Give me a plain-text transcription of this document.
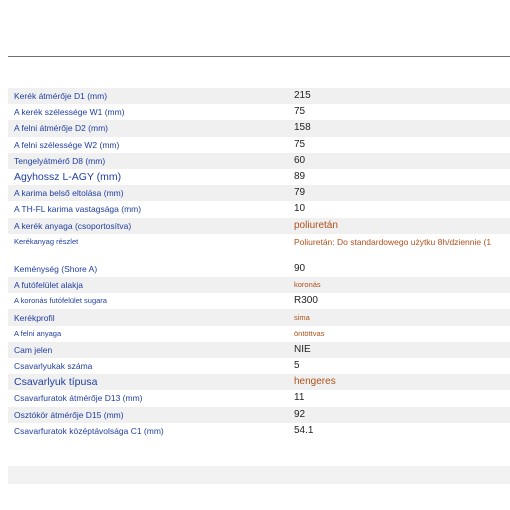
Kerék átmérője D1 (mm)	215
A kerék szélessége W1 (mm)	75
A felni átmérője D2 (mm)	158
A felni szélessége W2 (mm)	75
Tengelyátmérő D8 (mm)	60
Agyhossz L-AGY (mm)	89
A karima belső eltolása (mm)	79
A TH-FL karima vastagsága (mm)	10
A kerék anyaga (csoportosítva)	poliuretán
Kerékanyag részlet	Poliuretán: Do standardowego użytku 8h/dziennie (1

Keménység (Shore A)	90
A futófelület alakja	koronás
A koronás futófelület sugara	R300
Kerékprofil	sima
A felni anyaga	öntöttvas
Cam jelen	NIE
Csavarlyukak száma	5
Csavarlyuk típusa	hengeres
Csavarfuratok átmérője D13 (mm)	11
Osztókör átmérője D15 (mm)	92
Csavarfuratok középtávolsága C1 (mm)	54.1
